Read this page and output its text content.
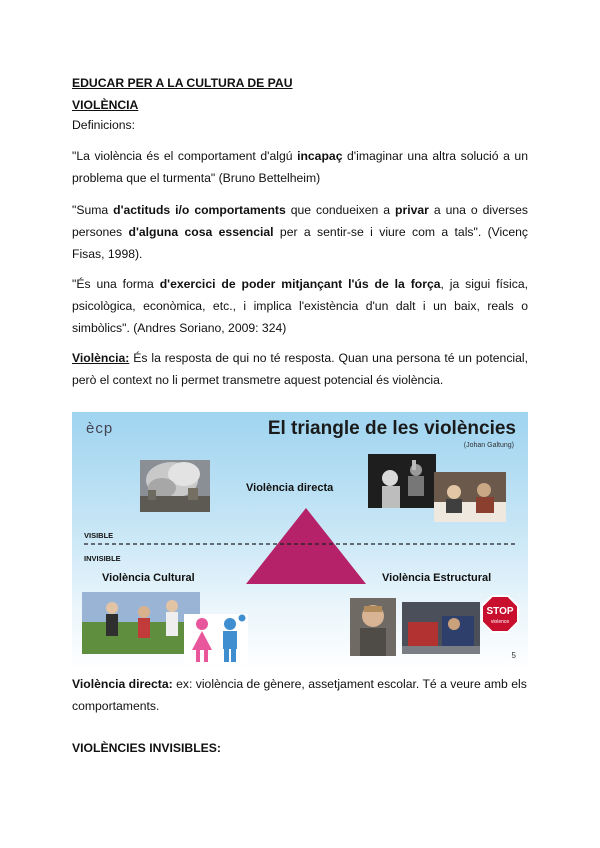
EDUCAR PER A LA CULTURA DE PAU
VIOLÈNCIA
Definicions:
"La violència és el comportament d'algú incapaç d'imaginar una altra solució a un problema que el turmenta" (Bruno Bettelheim)
"Suma d'actituds i/o comportaments que condueixen a privar a una o diverses persones d'alguna cosa essencial per a sentir-se i viure com a tals". (Vicenç Fisas, 1998).
"És una forma d'exercici de poder mitjançant l'ús de la força, ja sigui física, psicològica, econòmica, etc., i implica l'existència d'un dalt i un baix, reals o simbòlics". (Andres Soriano, 2009: 324)
Violència: És la resposta de qui no té resposta. Quan una persona té un potencial, però el context no li permet transmetre aquest potencial és violència.
ècp	El triangle de les violències
(Johan Galtung)
Violència directa
VISIBLE
INVISIBLE
Violència Cultural	Violència Estructural
STOP
violence
5
Violència directa: ex: violència de gènere, assetjament escolar. Té a veure amb els comportaments.
VIOLÈNCIES INVISIBLES:
